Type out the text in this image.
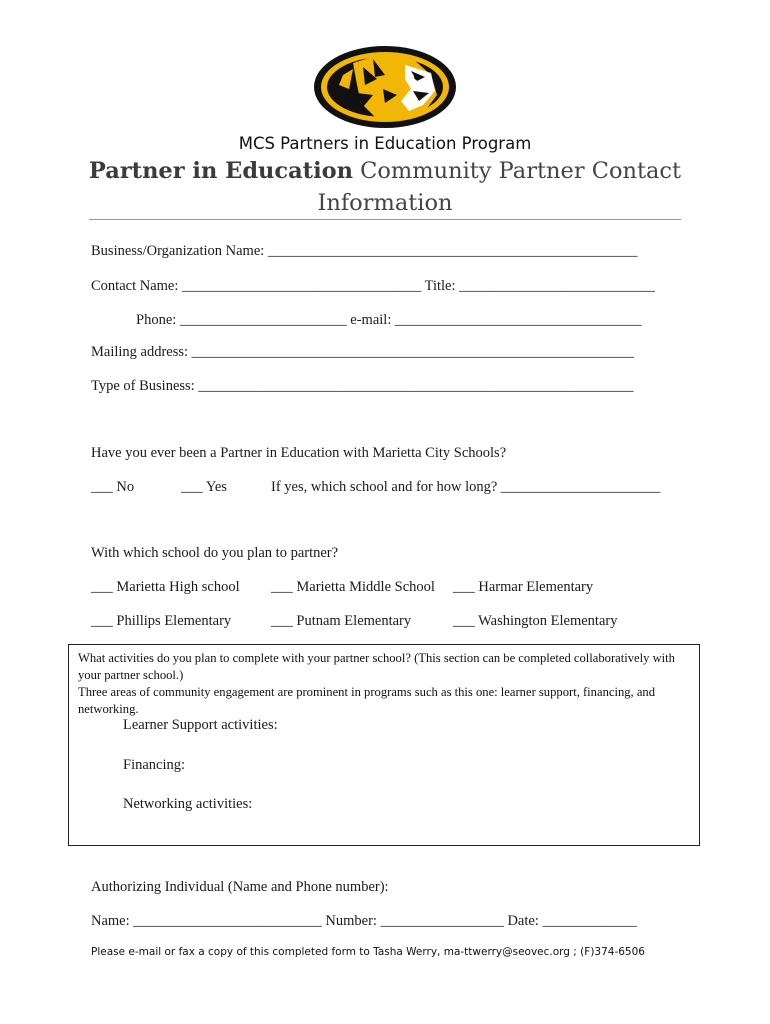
MCS Partners in Education Program
Partner in Education Community Partner Contact Information
Business/Organization Name: ___________________________________________________
Contact Name: _________________________________ Title: ___________________________
Phone: _______________________ e-mail: __________________________________
Mailing address: _____________________________________________________________
Type of Business: ____________________________________________________________
Have you ever been a Partner in Education with Marietta City Schools?
___ No	___ Yes	If yes, which school and for how long? ______________________
With which school do you plan to partner?
___ Marietta High school ___ Marietta Middle School ___ Harmar Elementary
___ Phillips Elementary	___ Putnam Elementary	___ Washington Elementary
What activities do you plan to complete with your partner school? (This section can be completed collaboratively with your partner school.)
Three areas of community engagement are prominent in programs such as this one: learner support, financing, and networking.
Learner Support activities:
Financing:
Networking activities:
Authorizing Individual (Name and Phone number):
Name: __________________________ Number: _________________ Date: _____________
Please e-mail or fax a copy of this completed form to Tasha Werry, ma-ttwerry@seovec.org ; (F)374-6506
